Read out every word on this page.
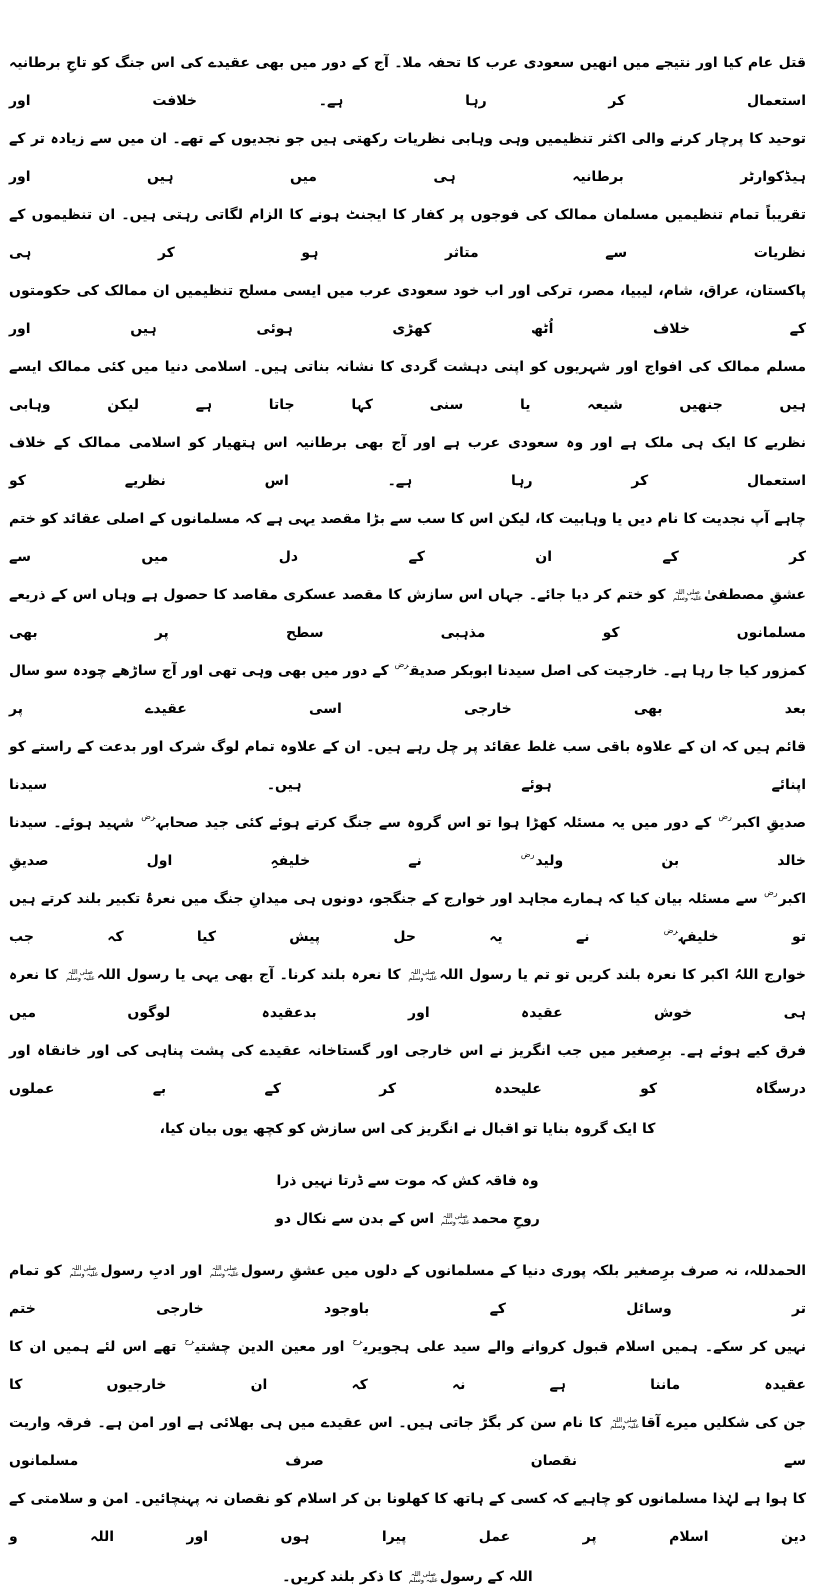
قتل عام کیا اور نتیجے میں انھیں سعودی عرب کا تحفہ ملا۔ آج کے دور میں بھی عقیدے کی اس جنگ کو تاجِ برطانیہ استعمال کر رہا ہے۔ خلافت اور
توحید کا پرچار کرنے والی اکثر تنظیمیں وہی وہابی نظریات رکھتی ہیں جو نجدیوں کے تھے۔ ان میں سے زیادہ تر کے ہیڈکوارٹر برطانیہ ہی میں ہیں اور
تقریباً تمام تنظیمیں مسلمان ممالک کی فوجوں پر کفار کا ایجنٹ ہونے کا الزام لگاتی رہتی ہیں۔ ان تنظیموں کے نظریات سے متاثر ہو کر ہی
پاکستان، عراق، شام، لیبیا، مصر، ترکی اور اب خود سعودی عرب میں ایسی مسلح تنظیمیں ان ممالک کی حکومتوں کے خلاف اُٹھ کھڑی ہوئی ہیں اور
مسلم ممالک کی افواج اور شہریوں کو اپنی دہشت گردی کا نشانہ بناتی ہیں۔ اسلامی دنیا میں کئی ممالک ایسے ہیں جنھیں شیعہ یا سنی کہا جاتا ہے لیکن وہابی
نظریے کا ایک ہی ملک ہے اور وہ سعودی عرب ہے اور آج بھی برطانیہ اس ہتھیار کو اسلامی ممالک کے خلاف استعمال کر رہا ہے۔ اس نظریے کو
چاہے آپ نجدیت کا نام دیں یا وہابیت کا، لیکن اس کا سب سے بڑا مقصد یہی ہے کہ مسلمانوں کے اصلی عقائد کو ختم کر کے ان کے دل میں سے
عشقِ مصطفیٰ
صلی اللہ
علیہ وسلم
کو ختم کر دیا جائے۔ جہاں اس سازش کا مقصد عسکری مقاصد کا حصول ہے وہاں اس کے ذریعے مسلمانوں کو مذہبی سطح پر بھی
کمزور کیا جا رہا ہے۔ خارجیت کی اصل سیدنا ابوبکر صدیق$^{رض}$ کے دور میں بھی وہی تھی اور آج ساڑھے چودہ سو سال بعد بھی خارجی اسی عقیدے پر
قائم ہیں کہ ان کے علاوہ باقی سب غلط عقائد پر چل رہے ہیں۔ ان کے علاوہ تمام لوگ شرک اور بدعت کے راستے کو اپنائے ہوئے ہیں۔ سیدنا
صدیقِ اکبر$^{رض}$ کے دور میں یہ مسئلہ کھڑا ہوا تو اس گروہ سے جنگ کرتے ہوئے کئی جید صحابہ$^{رض}$ شہید ہوئے۔ سیدنا خالد بن ولید$^{رض}$ نے خلیفہِ اول صدیقِ
اکبر$^{رض}$ سے مسئلہ بیان کیا کہ ہمارے مجاہد اور خوارج کے جنگجو، دونوں ہی میدانِ جنگ میں نعرۂ تکبیر بلند کرتے ہیں تو خلیفہ$^{رض}$ نے یہ حل پیش کیا کہ جب
خوارج اللہُ اکبر کا نعرہ بلند کریں تو تم یا رسول اللہ
صلی اللہ
علیہ وسلم
کا نعرہ بلند کرنا۔ آج بھی یہی یا رسول اللہ
صلی اللہ
علیہ وسلم
کا نعرہ ہی خوش عقیدہ اور بدعقیدہ لوگوں میں
فرق کیے ہوئے ہے۔ برِصغیر میں جب انگریز نے اس خارجی اور گستاخانہ عقیدے کی پشت پناہی کی اور خانقاہ اور درسگاہ کو علیحدہ کر کے بے عملوں
کا ایک گروہ بنایا تو اقبال نے انگریز کی اس سازش کو کچھ یوں بیان کیا،
وہ فاقہ کش کہ موت سے ڈرتا نہیں ذرا
روحِ محمد
صلی اللہ
علیہ وسلم
اس کے بدن سے نکال دو
الحمدللہ، نہ صرف برِصغیر بلکہ پوری دنیا کے مسلمانوں کے دلوں میں عشقِ رسول
صلی اللہ
علیہ وسلم
اور ادبِ رسول
صلی اللہ
علیہ وسلم
کو تمام تر وسائل کے باوجود خارجی ختم
نہیں کر سکے۔ ہمیں اسلام قبول کروانے والے سید علی ہجویری$^{رح}$ اور معین الدین چشتی$^{رح}$ تھے اس لئے ہمیں ان کا عقیدہ ماننا ہے نہ کہ ان خارجیوں کا
جن کی شکلیں میرے آقا
صلی اللہ
علیہ وسلم
کا نام سن کر بگڑ جاتی ہیں۔ اس عقیدے میں ہی بھلائی ہے اور امن ہے۔ فرقہ واریت سے نقصان صرف مسلمانوں
کا ہوا ہے لہٰذا مسلمانوں کو چاہیے کہ کسی کے ہاتھ کا کھلونا بن کر اسلام کو نقصان نہ پہنچائیں۔ امن و سلامتی کے دین اسلام پر عمل پیرا ہوں اور اللہ و
اللہ کے رسول
صلی اللہ
علیہ وسلم
کا ذکر بلند کریں۔
